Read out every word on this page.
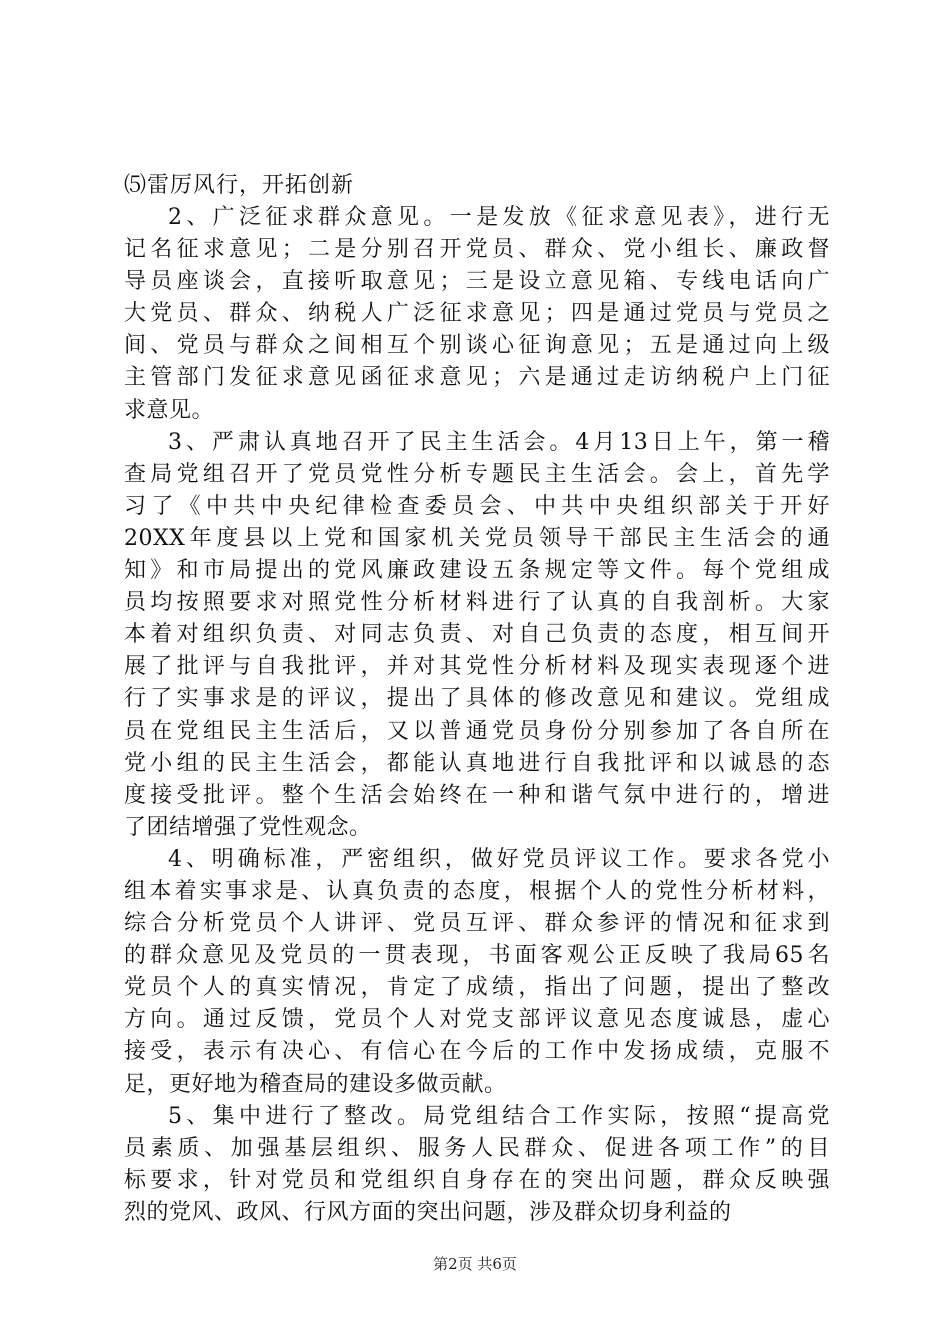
⑸雷厉风行，开拓创新

2、广泛征求群众意见。一是发放《征求意见表》，进行无
记名征求意见；二是分别召开党员、群众、党小组长、廉政督
导员座谈会，直接听取意见；三是设立意见箱、专线电话向广
大党员、群众、纳税人广泛征求意见；四是通过党员与党员之
间、党员与群众之间相互个别谈心征询意见；五是通过向上级
主管部门发征求意见函征求意见；六是通过走访纳税户上门征
求意见。
3、严肃认真地召开了民主生活会。4月13日上午，第一稽
查局党组召开了党员党性分析专题民主生活会。会上，首先学
习了《中共中央纪律检查委员会、中共中央组织部关于开好
20XX年度县以上党和国家机关党员领导干部民主生活会的通
知》和市局提出的党风廉政建设五条规定等文件。每个党组成
员均按照要求对照党性分析材料进行了认真的自我剖析。大家
本着对组织负责、对同志负责、对自己负责的态度，相互间开
展了批评与自我批评，并对其党性分析材料及现实表现逐个进
行了实事求是的评议，提出了具体的修改意见和建议。党组成
员在党组民主生活后，又以普通党员身份分别参加了各自所在
党小组的民主生活会，都能认真地进行自我批评和以诚恳的态
度接受批评。整个生活会始终在一种和谐气氛中进行的，增进
了团结增强了党性观念。
4、明确标准，严密组织，做好党员评议工作。要求各党小
组本着实事求是、认真负责的态度，根据个人的党性分析材料，
综合分析党员个人讲评、党员互评、群众参评的情况和征求到
的群众意见及党员的一贯表现，书面客观公正反映了我局65名
党员个人的真实情况，肯定了成绩，指出了问题，提出了整改
方向。通过反馈，党员个人对党支部评议意见态度诚恳，虚心
接受，表示有决心、有信心在今后的工作中发扬成绩，克服不
足，更好地为稽查局的建设多做贡献。
5、集中进行了整改。局党组结合工作实际，按照“提高党
员素质、加强基层组织、服务人民群众、促进各项工作”的目
标要求，针对党员和党组织自身存在的突出问题，群众反映强
烈的党风、政风、行风方面的突出问题，涉及群众切身利益的
第2页 共6页
